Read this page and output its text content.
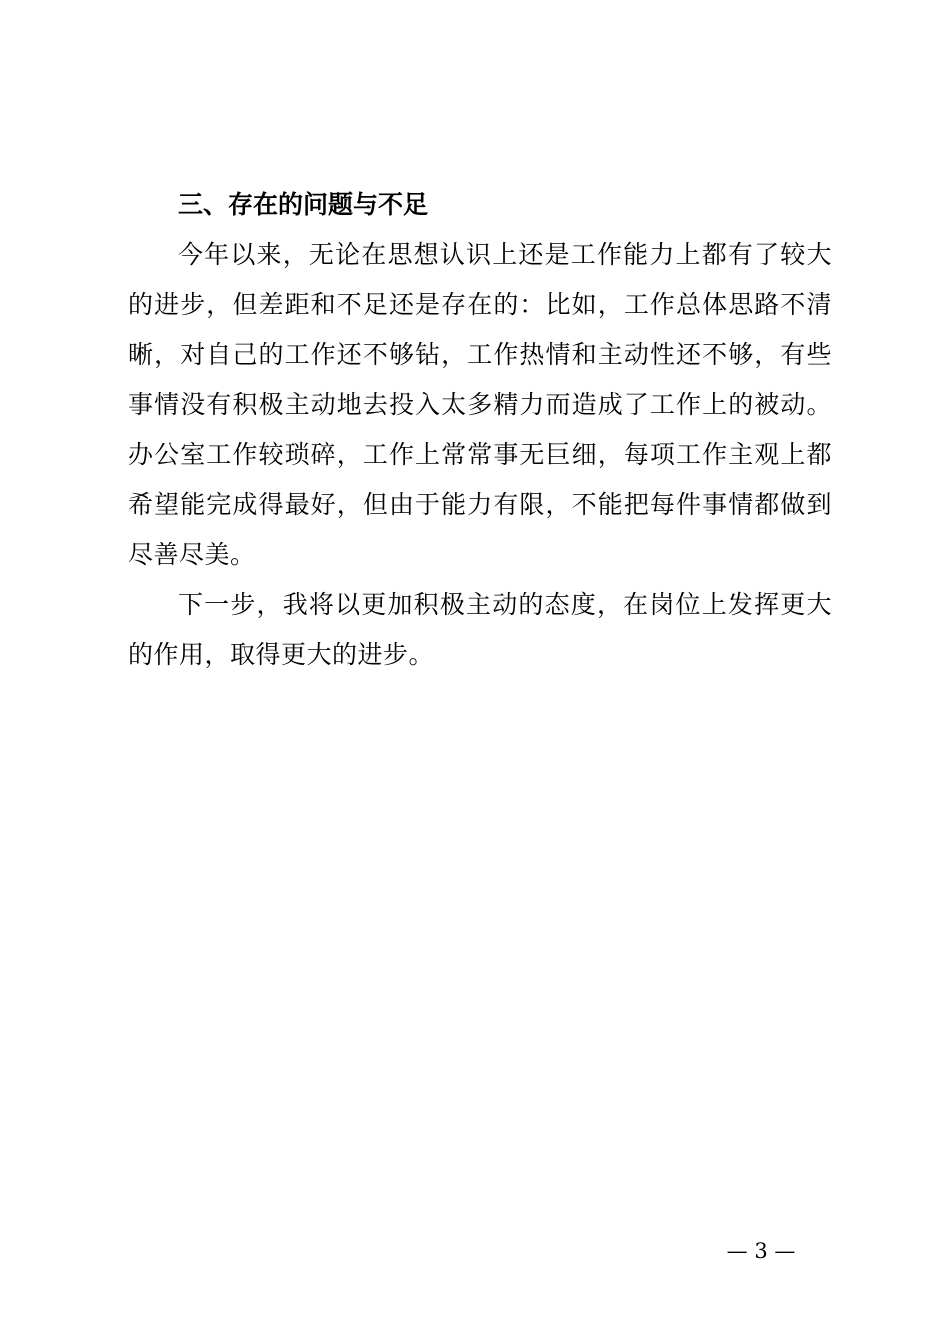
三、存在的问题与不足

今年以来，无论在思想认识上还是工作能力上都有了较大的进步，但差距和不足还是存在的：比如，工作总体思路不清晰，对自己的工作还不够钻，工作热情和主动性还不够，有些事情没有积极主动地去投入太多精力而造成了工作上的被动。办公室工作较琐碎，工作上常常事无巨细，每项工作主观上都希望能完成得最好，但由于能力有限，不能把每件事情都做到尽善尽美。

下一步，我将以更加积极主动的态度，在岗位上发挥更大的作用，取得更大的进步。

— 3 —
